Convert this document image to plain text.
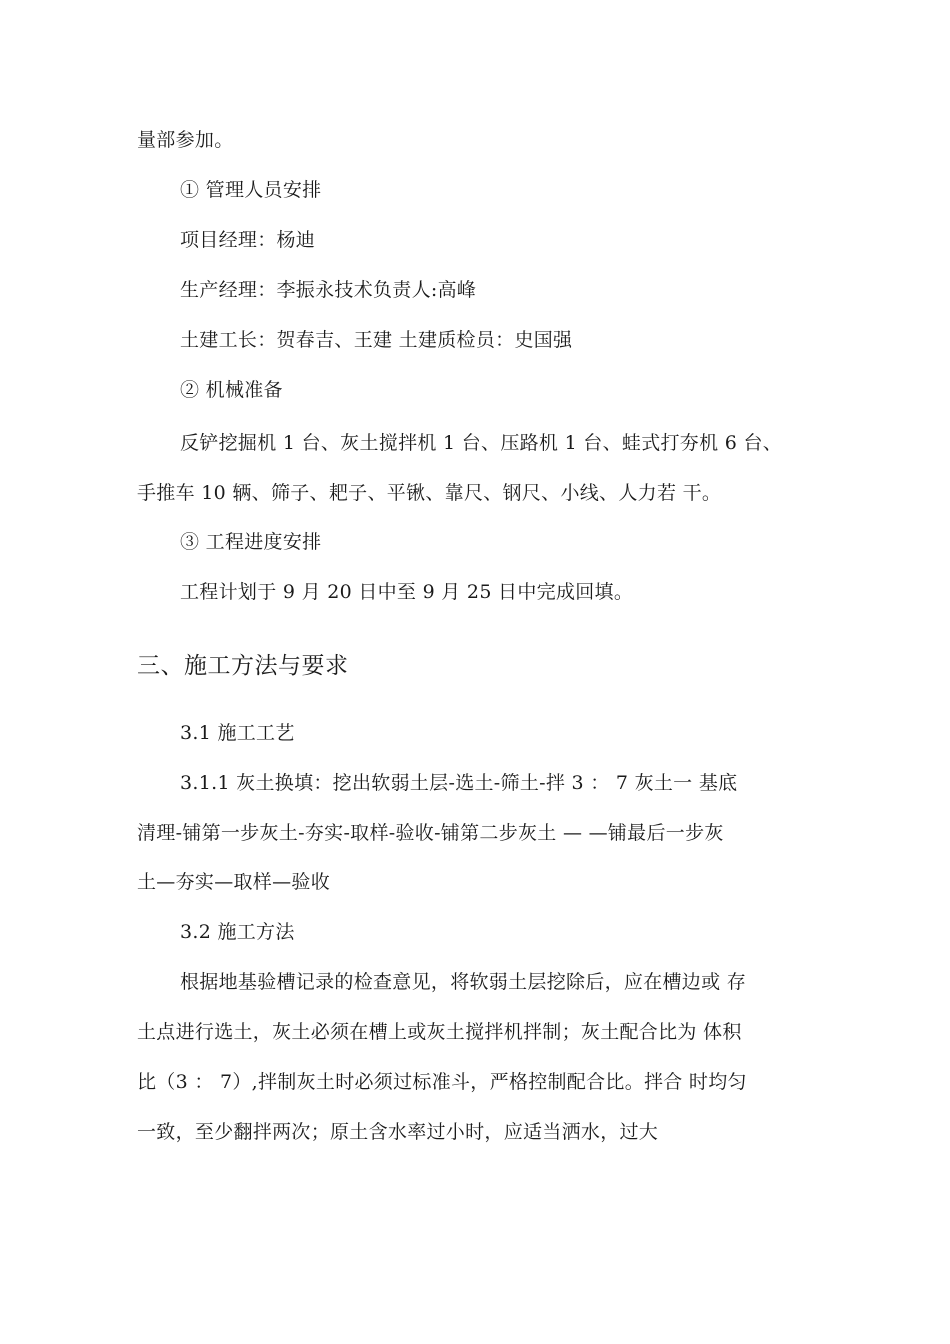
量部参加。
① 管理人员安排
项目经理：杨迪
生产经理：李振永技术负责人:高峰
土建工长：贺春吉、王建 土建质检员：史国强
② 机械准备
反铲挖掘机 1 台、灰土搅拌机 1 台、压路机 1 台、蛙式打夯机 6 台、
手推车 10 辆、筛子、耙子、平锹、靠尺、钢尺、小线、人力若 干。
③ 工程进度安排
工程计划于 9 月 20 日中至 9 月 25 日中完成回填。
三、施工方法与要求
3.1 施工工艺
3.1.1 灰土换填：挖出软弱土层-选土-筛土-拌 3 ： 7 灰土一 基底
清理-铺第一步灰土-夯实-取样-验收-铺第二步灰土 — —铺最后一步灰
土—夯实—取样—验收
3.2 施工方法
根据地基验槽记录的检查意见，将软弱土层挖除后，应在槽边或 存
土点进行选土，灰土必须在槽上或灰土搅拌机拌制；灰土配合比为 体积
比（3 ： 7）,拌制灰土时必须过标准斗，严格控制配合比。拌合 时均匀
一致，至少翻拌两次；原土含水率过小时，应适当洒水，过大
